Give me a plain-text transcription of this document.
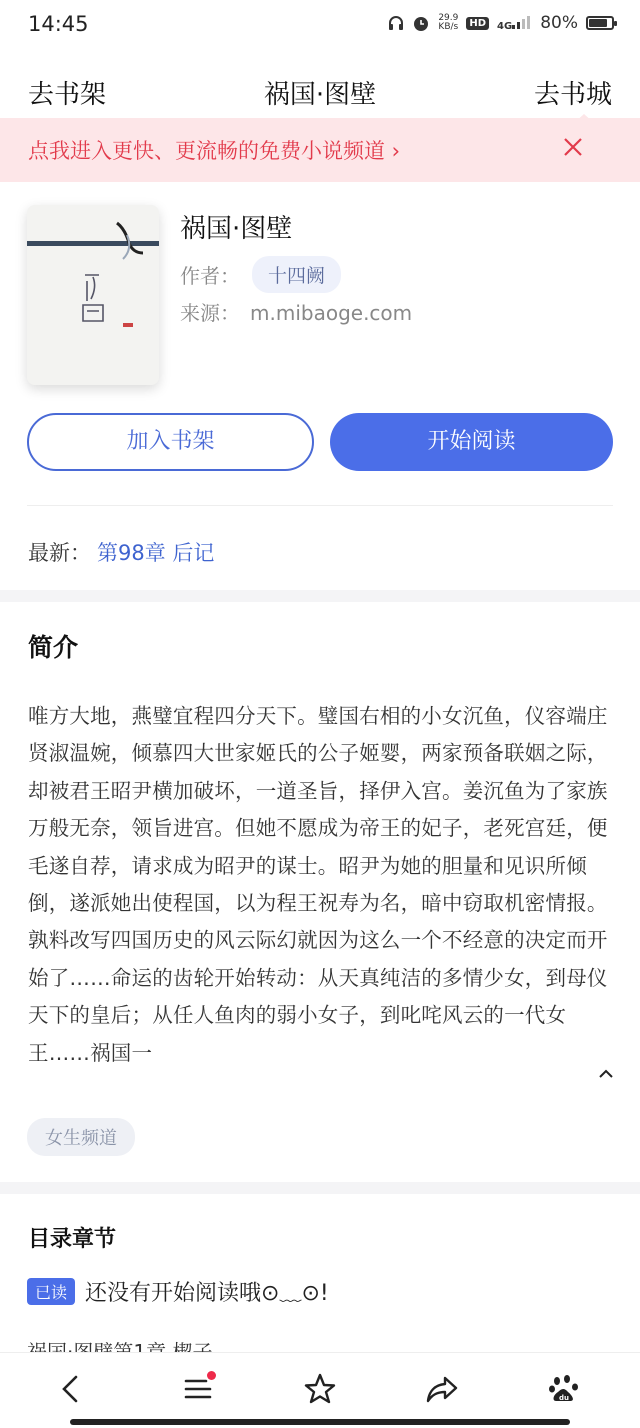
14:45	29.9
KB/s	HD	4G	80%
去书架	祸国·图壁	去书城
点我进入更快、更流畅的免费小说频道 ›
祸国·图壁
作者：	十四阙
来源： m.mibaoge.com
加入书架	开始阅读
最新： 第98章 后记
简介
唯方大地，燕璧宜程四分天下。璧国右相的小女沉鱼，仪容端庄贤淑温婉，倾慕四大世家姬氏的公子姬婴，两家预备联姻之际，却被君王昭尹横加破坏，一道圣旨，择伊入宫。姜沉鱼为了家族万般无奈，领旨进宫。但她不愿成为帝王的妃子，老死宫廷，便毛遂自荐，请求成为昭尹的谋士。昭尹为她的胆量和见识所倾倒，遂派她出使程国，以为程王祝寿为名，暗中窃取机密情报。孰料改写四国历史的风云际幻就因为这么一个不经意的决定而开始了……命运的齿轮开始转动：从天真纯洁的多情少女，到母仪天下的皇后；从任人鱼肉的弱小女子，到叱咤风云的一代女王……祸国一
女生频道
目录章节
已读 还没有开始阅读哦⊙﹏⊙!
du
